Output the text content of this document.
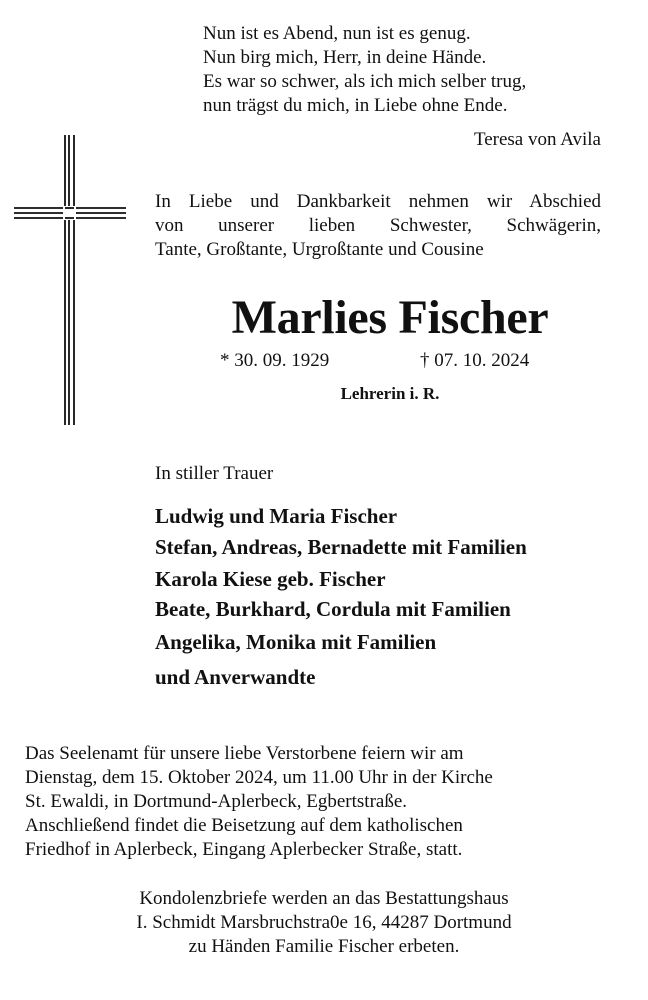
Nun ist es Abend, nun ist es genug.
Nun birg mich, Herr, in deine Hände.
Es war so schwer, als ich mich selber trug,
nun trägst du mich, in Liebe ohne Ende.
Teresa von Avila
In Liebe und Dankbarkeit nehmen wir Abschied
von unserer lieben Schwester, Schwägerin,
Tante, Großtante, Urgroßtante und Cousine
Marlies Fischer
* 30. 09. 1929	† 07. 10. 2024
Lehrerin i. R.
In stiller Trauer
Ludwig und Maria Fischer
Stefan, Andreas, Bernadette mit Familien
Karola Kiese geb. Fischer
Beate, Burkhard, Cordula mit Familien
Angelika, Monika mit Familien
und Anverwandte
Das Seelenamt für unsere liebe Verstorbene feiern wir am
Dienstag, dem 15. Oktober 2024, um 11.00 Uhr in der Kirche
St. Ewaldi, in Dortmund-Aplerbeck, Egbertstraße.
Anschließend findet die Beisetzung auf dem katholischen
Friedhof in Aplerbeck, Eingang Aplerbecker Straße, statt.
Kondolenzbriefe werden an das Bestattungshaus
I. Schmidt Marsbruchstra0e 16, 44287 Dortmund
zu Händen Familie Fischer erbeten.
